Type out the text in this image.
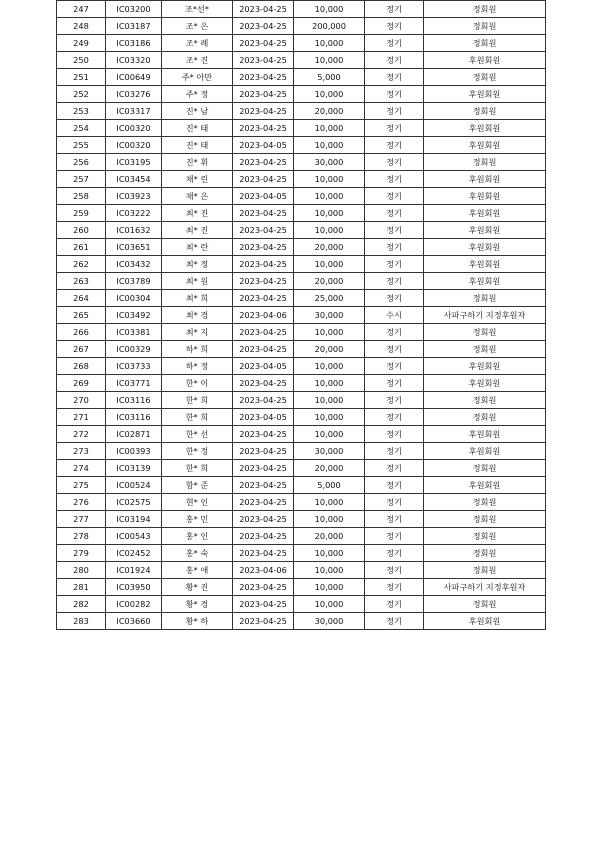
247	IC03200	조*선*	2023-04-25	10,000	정기	정회원
248	IC03187	조* 은	2023-04-25	200,000	정기	정회원
249	IC03186	조* 례	2023-04-25	10,000	정기	정회원
250	IC03320	조* 진	2023-04-25	10,000	정기	후원회원
251	IC00649	주* 아만	2023-04-25	5,000	정기	정회원
252	IC03276	주* 정	2023-04-25	10,000	정기	후원회원
253	IC03317	진* 남	2023-04-25	20,000	정기	정회원
254	IC00320	진* 태	2023-04-25	10,000	정기	후원회원
255	IC00320	진* 태	2023-04-05	10,000	정기	후원회원
256	IC03195	진* 휘	2023-04-25	30,000	정기	정회원
257	IC03454	채* 린	2023-04-25	10,000	정기	후원회원
258	IC03923	채* 은	2023-04-05	10,000	정기	후원회원
259	IC03222	최* 진	2023-04-25	10,000	정기	후원회원
260	IC01632	최* 진	2023-04-25	10,000	정기	후원회원
261	IC03651	최* 란	2023-04-25	20,000	정기	후원회원
262	IC03432	최* 정	2023-04-25	10,000	정기	후원회원
263	IC03789	최* 원	2023-04-25	20,000	정기	후원회원
264	IC00304	최* 희	2023-04-25	25,000	정기	정회원
265	IC03492	최* 경	2023-04-06	30,000	수시	사파구하기 지정후원자
266	IC03381	최* 지	2023-04-25	10,000	정기	정회원
267	IC00329	하* 희	2023-04-25	20,000	정기	정회원
268	IC03733	하* 정	2023-04-05	10,000	정기	후원회원
269	IC03771	한* 이	2023-04-25	10,000	정기	후원회원
270	IC03116	한* 희	2023-04-25	10,000	정기	정회원
271	IC03116	한* 희	2023-04-05	10,000	정기	정회원
272	IC02871	한* 선	2023-04-25	10,000	정기	후원회원
273	IC00393	한* 정	2023-04-25	30,000	정기	후원회원
274	IC03139	한* 희	2023-04-25	20,000	정기	정회원
275	IC00524	함* 준	2023-04-25	5,000	정기	후원회원
276	IC02575	현* 인	2023-04-25	10,000	정기	정회원
277	IC03194	홍* 민	2023-04-25	10,000	정기	정회원
278	IC00543	홍* 인	2023-04-25	20,000	정기	정회원
279	IC02452	홍* 숙	2023-04-25	10,000	정기	정회원
280	IC01924	홍* 애	2023-04-06	10,000	정기	정회원
281	IC03950	황* 진	2023-04-25	10,000	정기	사파구하기 지정후원자
282	IC00282	황* 경	2023-04-25	10,000	정기	정회원
283	IC03660	황* 하	2023-04-25	30,000	정기	후원회원
